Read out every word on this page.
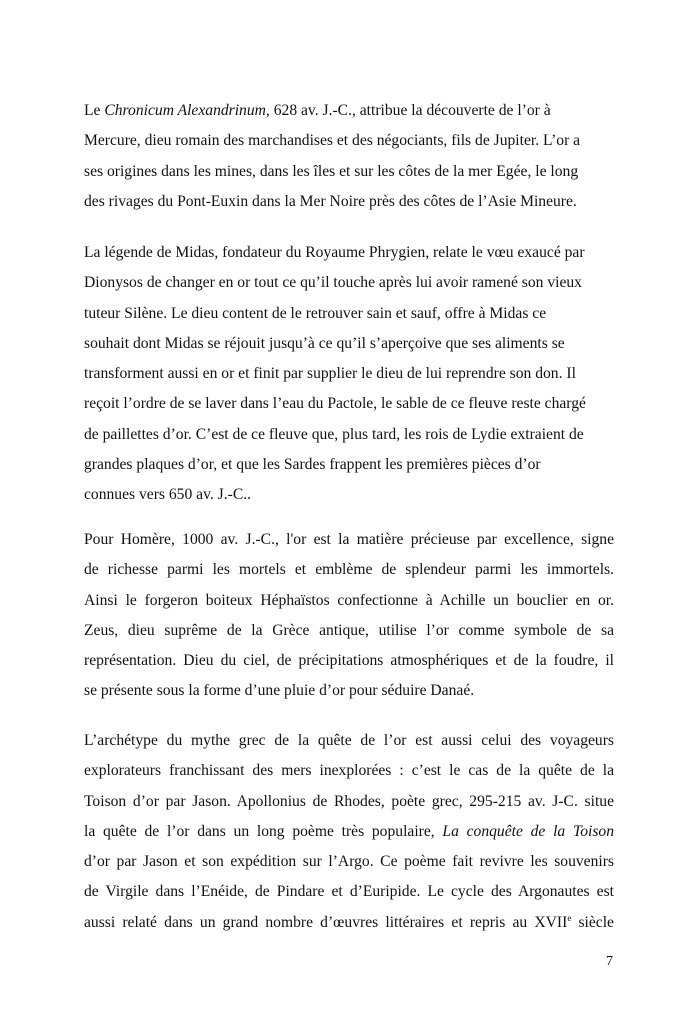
Le Chronicum Alexandrinum, 628 av. J.-C., attribue la découverte de l’or à
Mercure, dieu romain des marchandises et des négociants, fils de Jupiter. L’or a
ses origines dans les mines, dans les îles et sur les côtes de la mer Egée, le long
des rivages du Pont-Euxin dans la Mer Noire près des côtes de l’Asie Mineure.

La légende de Midas, fondateur du Royaume Phrygien, relate le vœu exaucé par
Dionysos de changer en or tout ce qu’il touche après lui avoir ramené son vieux
tuteur Silène. Le dieu content de le retrouver sain et sauf, offre à Midas ce
souhait dont Midas se réjouit jusqu’à ce qu’il s’aperçoive que ses aliments se
transforment aussi en or et finit par supplier le dieu de lui reprendre son don. Il
reçoit l’ordre de se laver dans l’eau du Pactole, le sable de ce fleuve reste chargé
de paillettes d’or. C’est de ce fleuve que, plus tard, les rois de Lydie extraient de
grandes plaques d’or, et que les Sardes frappent les premières pièces d’or
connues vers 650 av. J.-C..

Pour Homère, 1000 av. J.-C., l'or est la matière précieuse par excellence, signe
de richesse parmi les mortels et emblème de splendeur parmi les immortels.
Ainsi le forgeron boiteux Héphaïstos confectionne à Achille un bouclier en or.
Zeus, dieu suprême de la Grèce antique, utilise l’or comme symbole de sa
représentation. Dieu du ciel, de précipitations atmosphériques et de la foudre, il
se présente sous la forme d’une pluie d’or pour séduire Danaé.
L’archétype du mythe grec de la quête de l’or est aussi celui des voyageurs
explorateurs franchissant des mers inexplorées : c’est le cas de la quête de la
Toison d’or par Jason. Apollonius de Rhodes, poète grec, 295-215 av. J-C. situe
la quête de l’or dans un long poème très populaire, La conquête de la Toison
d’or par Jason et son expédition sur l’Argo. Ce poème fait revivre les souvenirs
de Virgile dans l’Enéide, de Pindare et d’Euripide. Le cycle des Argonautes est
aussi relaté dans un grand nombre d’œuvres littéraires et repris au XVIIe siècle
7
